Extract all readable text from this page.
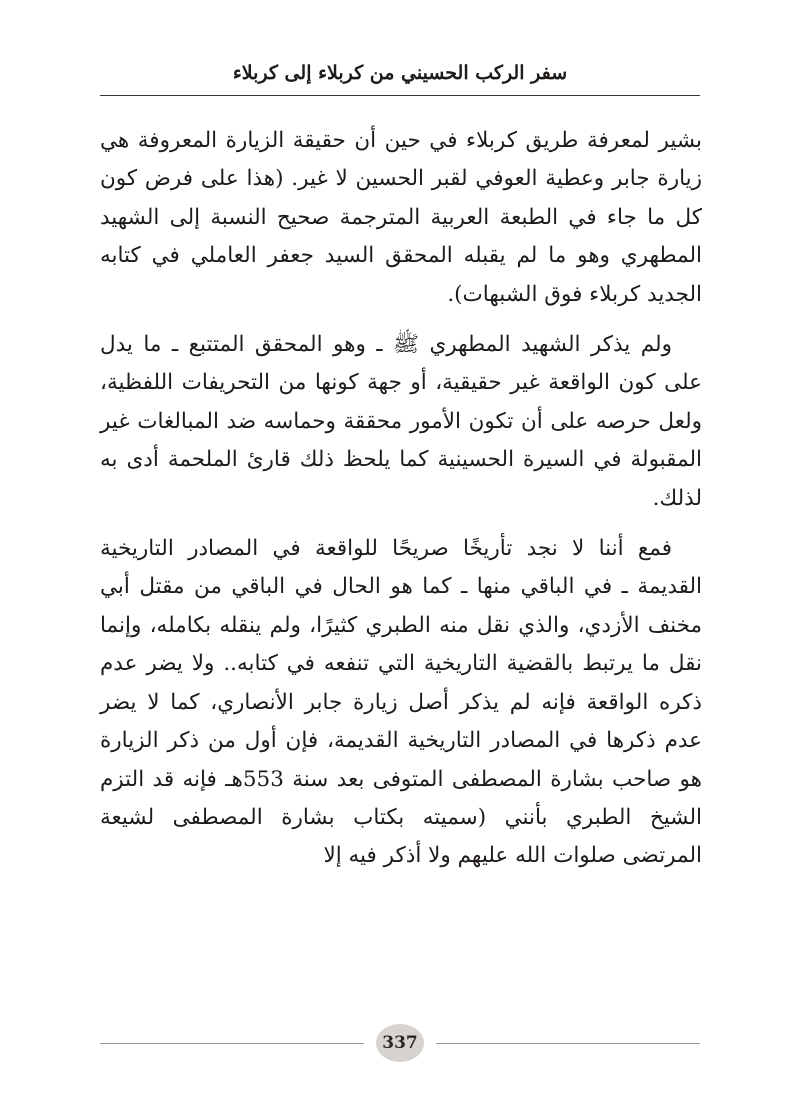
سفر الركب الحسيني من كربلاء إلى كربلاء

بشير لمعرفة طريق كربلاء في حين أن حقيقة الزيارة المعروفة هي زيارة جابر وعطية العوفي لقبر الحسين لا غير. (هذا على فرض كون كل ما جاء في الطبعة العربية المترجمة صحيح النسبة إلى الشهيد المطهري وهو ما لم يقبله المحقق السيد جعفر العاملي في كتابه الجديد كربلاء فوق الشبهات).

ولم يذكر الشهيد المطهري ﷺ ـ وهو المحقق المتتبع ـ ما يدل على كون الواقعة غير حقيقية، أو جهة كونها من التحريفات اللفظية، ولعل حرصه على أن تكون الأمور محققة وحماسه ضد المبالغات غير المقبولة في السيرة الحسينية كما يلحظ ذلك قارئ الملحمة أدى به لذلك.

فمع أننا لا نجد تأريخًا صريحًا للواقعة في المصادر التاريخية القديمة ـ في الباقي منها ـ كما هو الحال في الباقي من مقتل أبي مخنف الأزدي، والذي نقل منه الطبري كثيرًا، ولم ينقله بكامله، وإنما نقل ما يرتبط بالقضية التاريخية التي تنفعه في كتابه.. ولا يضر عدم ذكره الواقعة فإنه لم يذكر أصل زيارة جابر الأنصاري، كما لا يضر عدم ذكرها في المصادر التاريخية القديمة، فإن أول من ذكر الزيارة هو صاحب بشارة المصطفى المتوفى بعد سنة 553هـ فإنه قد التزم الشيخ الطبري بأنني (سميته بكتاب بشارة المصطفى لشيعة المرتضى صلوات الله عليهم ولا أذكر فيه إلا

337
